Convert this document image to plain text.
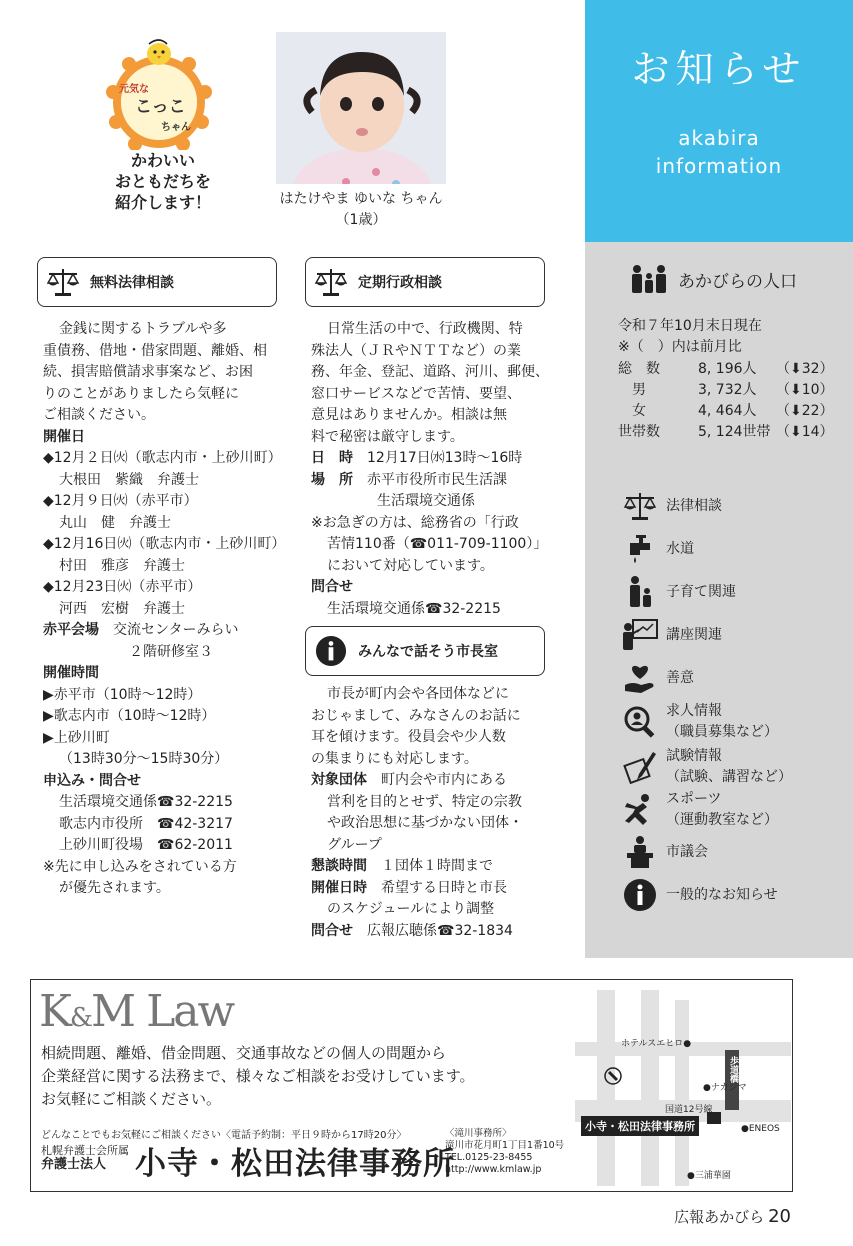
元気な
こっこ
ちゃん
かわいい
おともだちを
紹介します！	はたけやま ゆいな ちゃん
（1歳）
お知らせ
akabira
information
あかびらの人口
令和７年10月末日現在
※（　）内は前月比
総　数	8, 196人 （⬇32）
　男	3, 732人 （⬇10）
　女	4, 464人 （⬇22）
世帯数	5, 124世帯 （⬇14）
法律相談
水道
子育て関連
講座関連
善意
求人情報
（職員募集など）
試験情報
（試験、講習など）
スポーツ
（運動教室など）
市議会
一般的なお知らせ
無料法律相談

金銭に関するトラブルや多

重債務、借地・借家問題、離婚、相

続、損害賠償請求事案など、お困

りのことがありましたら気軽に

ご相談ください。

開催日

◆12月２日㈫（歌志内市・上砂川町）

大根田　紫織　弁護士

◆12月９日㈫（赤平市）

丸山　健　弁護士

◆12月16日㈫（歌志内市・上砂川町）

村田　雅彦　弁護士

◆12月23日㈫（赤平市）

河西　宏樹　弁護士

赤平会場　 交流センターみらい

２階研修室３

開催時間

▶赤平市（10時～12時）

▶歌志内市（10時～12時）

▶上砂川町

（13時30分～15時30分）

申込み・問合せ

生活環境交通係☎32-2215

歌志内市役所　☎42-3217

上砂川町役場　☎62-2011

※先に申し込みをされている方

が優先されます。

定期行政相談

日常生活の中で、行政機関、特

殊法人（ＪＲやＮＴＴなど）の業

務、年金、登記、道路、河川、郵便、

窓口サービスなどで苦情、要望、

意見はありませんか。相談は無

料で秘密は厳守します。

日　時　 12月17日㈬13時～16時

場　所　 赤平市役所市民生活課

生活環境交通係

※お急ぎの方は、総務省の「行政

苦情110番（☎011-709-1100）」

において対応しています。

問合せ

生活環境交通係☎32-2215

みんなで話そう市長室

市長が町内会や各団体などに

おじゃまして、みなさんのお話に

耳を傾けます。役員会や少人数

の集まりにも対応します。

対象団体　 町内会や市内にある

営利を目的とせず、特定の宗教

や政治思想に基づかない団体・

グループ

懇談時間　 １団体１時間まで

開催日時　 希望する日時と市長

のスケジュールにより調整

問合せ　 広報広聴係☎32-1834

K&M Law
相続問題、離婚、借金問題、交通事故などの個人の問題から
企業経営に関する法務まで、様々なご相談をお受けしています。
お気軽にご相談ください。
どんなことでもお気軽にご相談ください〈電話予約制：平日９時から17時20分〉
札幌弁護士会所属
弁護士法人 小寺・松田法律事務所
〈滝川事務所〉
滝川市花月町1丁目1番10号
TEL.0125-23-8455
http://www.kmlaw.jp
ホテルスエヒロ●
●ナカジマ
国道12号線
歩道橋
●ENEOS
●三浦華園
小寺・松田法律事務所
広報あかびら 20
